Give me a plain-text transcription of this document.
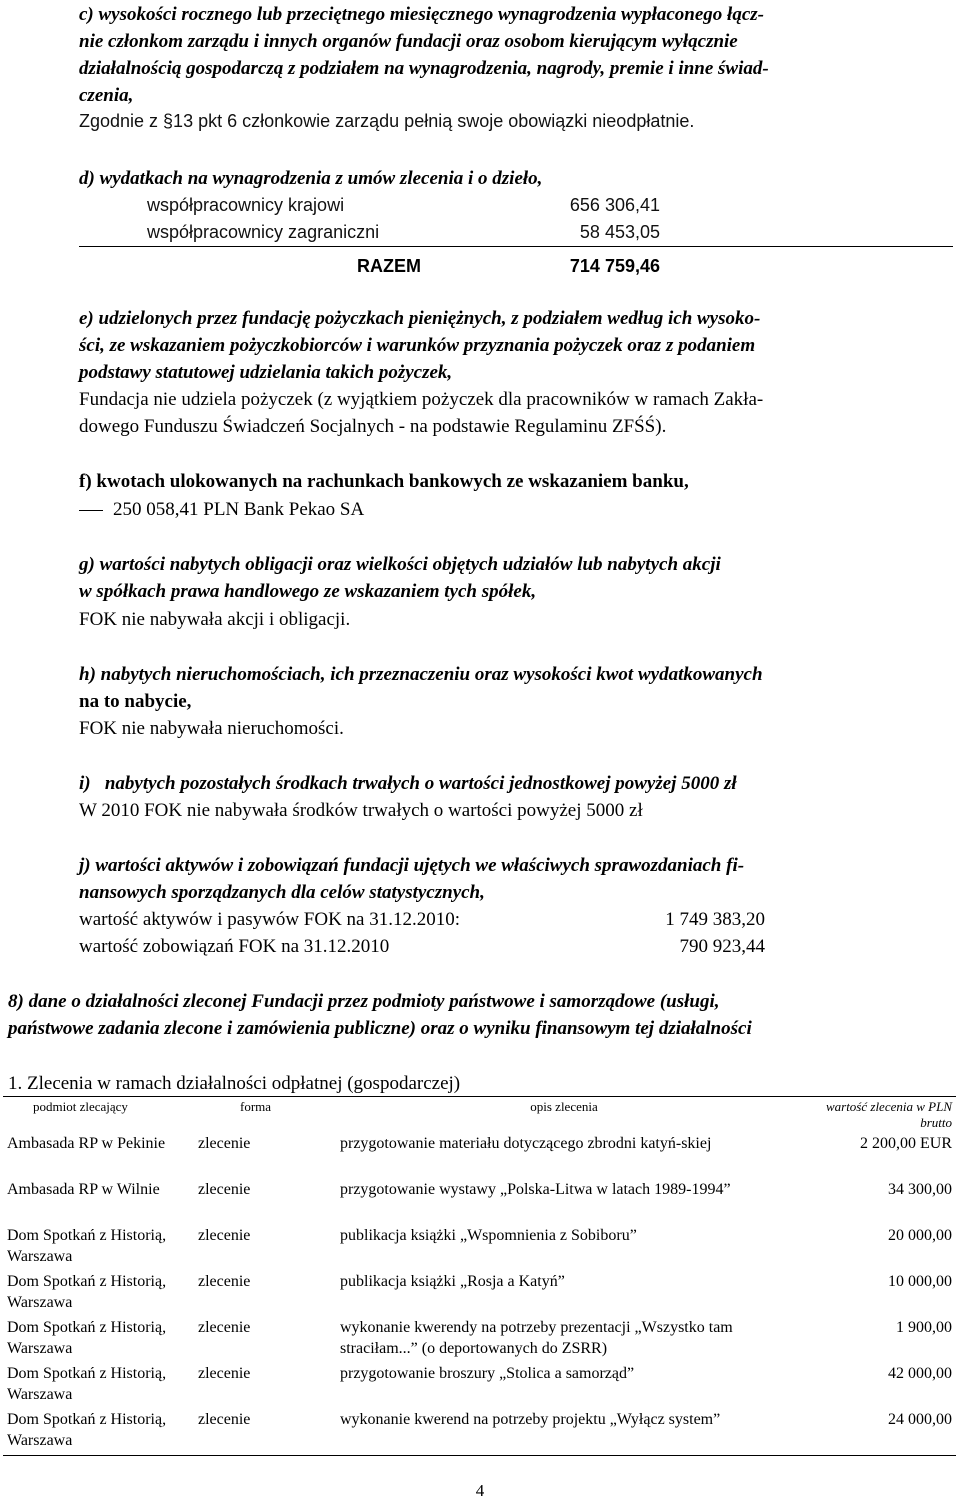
c) wysokości rocznego lub przeciętnego miesięcznego wynagrodzenia wypłaconego łącz-
nie członkom zarządu i innych organów fundacji oraz osobom kierującym wyłącznie
działalnością gospodarczą z podziałem na wynagrodzenia, nagrody, premie i inne świad-
czenia,
Zgodnie z §13 pkt 6 członkowie zarządu pełnią swoje obowiązki nieodpłatnie.
d) wydatkach na wynagrodzenia z umów zlecenia i o dzieło,
współpracownicy krajowi	656 306,41
współpracownicy zagraniczni	58 453,05
RAZEM	714 759,46
e) udzielonych przez fundację pożyczkach pieniężnych, z podziałem według ich wysoko-
ści, ze wskazaniem pożyczkobiorców i warunków przyznania pożyczek oraz z podaniem
podstawy statutowej udzielania takich pożyczek,
Fundacja nie udziela pożyczek (z wyjątkiem pożyczek dla pracowników w ramach Zakła-
dowego Funduszu Świadczeń Socjalnych - na podstawie Regulaminu ZFŚŚ).
f) kwotach ulokowanych na rachunkach bankowych ze wskazaniem banku,
250 058,41 PLN Bank Pekao SA
g) wartości nabytych obligacji oraz wielkości objętych udziałów lub nabytych akcji
w spółkach prawa handlowego ze wskazaniem tych spółek,
FOK nie nabywała akcji i obligacji.
h) nabytych nieruchomościach, ich przeznaczeniu oraz wysokości kwot wydatkowanych
na to nabycie,
FOK nie nabywała nieruchomości.
i)   nabytych pozostałych środkach trwałych o wartości jednostkowej powyżej 5000 zł
W 2010 FOK nie nabywała środków trwałych o wartości powyżej 5000 zł
j) wartości aktywów i zobowiązań fundacji ujętych we właściwych sprawozdaniach fi-
nansowych sporządzanych dla celów statystycznych,
wartość aktywów i pasywów FOK na 31.12.2010:	1 749 383,20
wartość zobowiązań FOK na 31.12.2010	790 923,44
8) dane o działalności zleconej Fundacji przez podmioty państwowe i samorządowe (usługi,
państwowe zadania zlecone i zamówienia publiczne) oraz o wyniku finansowym tej działalności
1. Zlecenia w ramach działalności odpłatnej (gospodarczej)
podmiot zlecający	forma	opis zlecenia	wartość zlecenia w PLN brutto
Ambasada RP w Pekinie	zlecenie	przygotowanie materiału dotyczącego zbrodni katyń-skiej	2 200,00 EUR
Ambasada RP w Wilnie	zlecenie	przygotowanie wystawy „Polska-Litwa w latach 1989-1994”	34 300,00
Dom Spotkań z Historią, Warszawa	zlecenie	publikacja książki „Wspomnienia z Sobiboru”	20 000,00
Dom Spotkań z Historią, Warszawa	zlecenie	publikacja książki „Rosja a Katyń”	10 000,00
Dom Spotkań z Historią, Warszawa	zlecenie	wykonanie kwerendy na potrzeby prezentacji „Wszystko tam straciłam...” (o deportowanych do ZSRR)	1 900,00
Dom Spotkań z Historią, Warszawa	zlecenie	przygotowanie broszury „Stolica a samorząd”	42 000,00
Dom Spotkań z Historią, Warszawa	zlecenie	wykonanie kwerend na potrzeby projektu „Wyłącz system”	24 000,00
4
